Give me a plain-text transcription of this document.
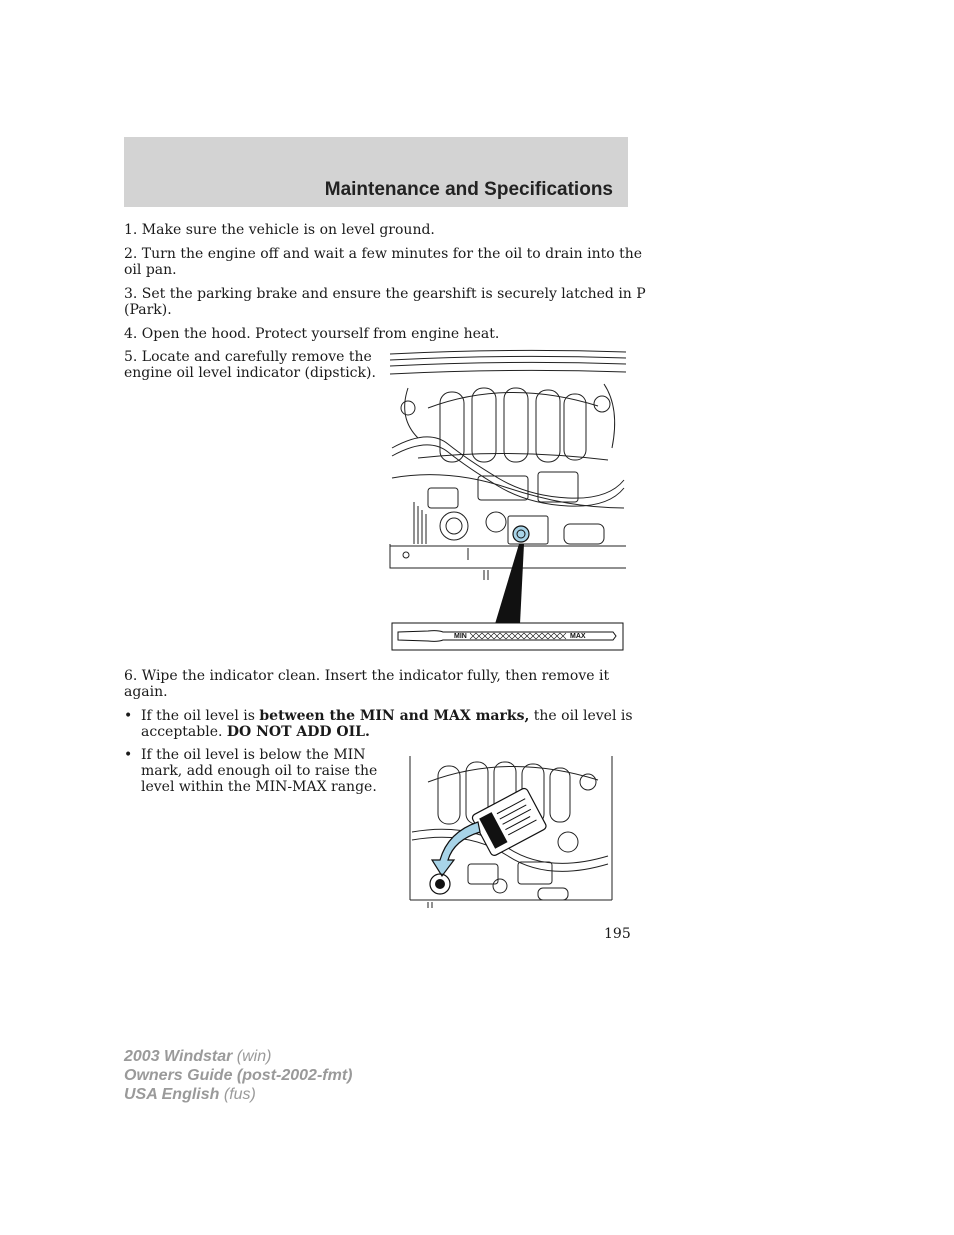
Maintenance and Specifications
1. Make sure the vehicle is on level ground.
2. Turn the engine off and wait a few minutes for the oil to drain into the
oil pan.
3. Set the parking brake and ensure the gearshift is securely latched in P
(Park).
4. Open the hood. Protect yourself from engine heat.
5. Locate and carefully remove the
engine oil level indicator (dipstick).
MIN	MAX
6. Wipe the indicator clean. Insert the indicator fully, then remove it
again.
• If the oil level is between the MIN and MAX marks, the oil level is
acceptable. DO NOT ADD OIL.
• If the oil level is below the MIN
mark, add enough oil to raise the
level within the MIN-MAX range.
195
2003 Windstar (win)
Owners Guide (post-2002-fmt)
USA English (fus)
